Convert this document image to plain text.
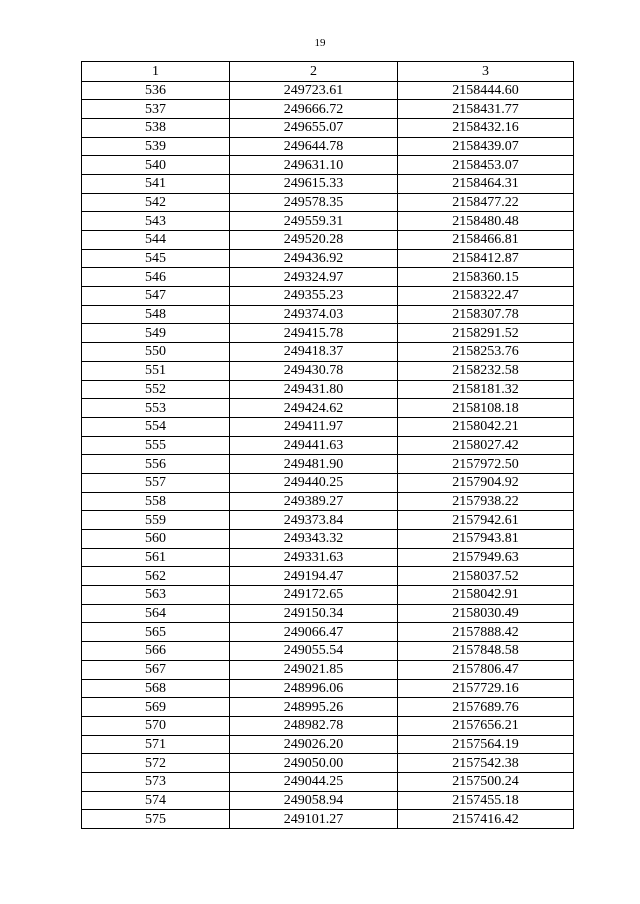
19
1	2	3
536	249723.61	2158444.60
537	249666.72	2158431.77
538	249655.07	2158432.16
539	249644.78	2158439.07
540	249631.10	2158453.07
541	249615.33	2158464.31
542	249578.35	2158477.22
543	249559.31	2158480.48
544	249520.28	2158466.81
545	249436.92	2158412.87
546	249324.97	2158360.15
547	249355.23	2158322.47
548	249374.03	2158307.78
549	249415.78	2158291.52
550	249418.37	2158253.76
551	249430.78	2158232.58
552	249431.80	2158181.32
553	249424.62	2158108.18
554	249411.97	2158042.21
555	249441.63	2158027.42
556	249481.90	2157972.50
557	249440.25	2157904.92
558	249389.27	2157938.22
559	249373.84	2157942.61
560	249343.32	2157943.81
561	249331.63	2157949.63
562	249194.47	2158037.52
563	249172.65	2158042.91
564	249150.34	2158030.49
565	249066.47	2157888.42
566	249055.54	2157848.58
567	249021.85	2157806.47
568	248996.06	2157729.16
569	248995.26	2157689.76
570	248982.78	2157656.21
571	249026.20	2157564.19
572	249050.00	2157542.38
573	249044.25	2157500.24
574	249058.94	2157455.18
575	249101.27	2157416.42
